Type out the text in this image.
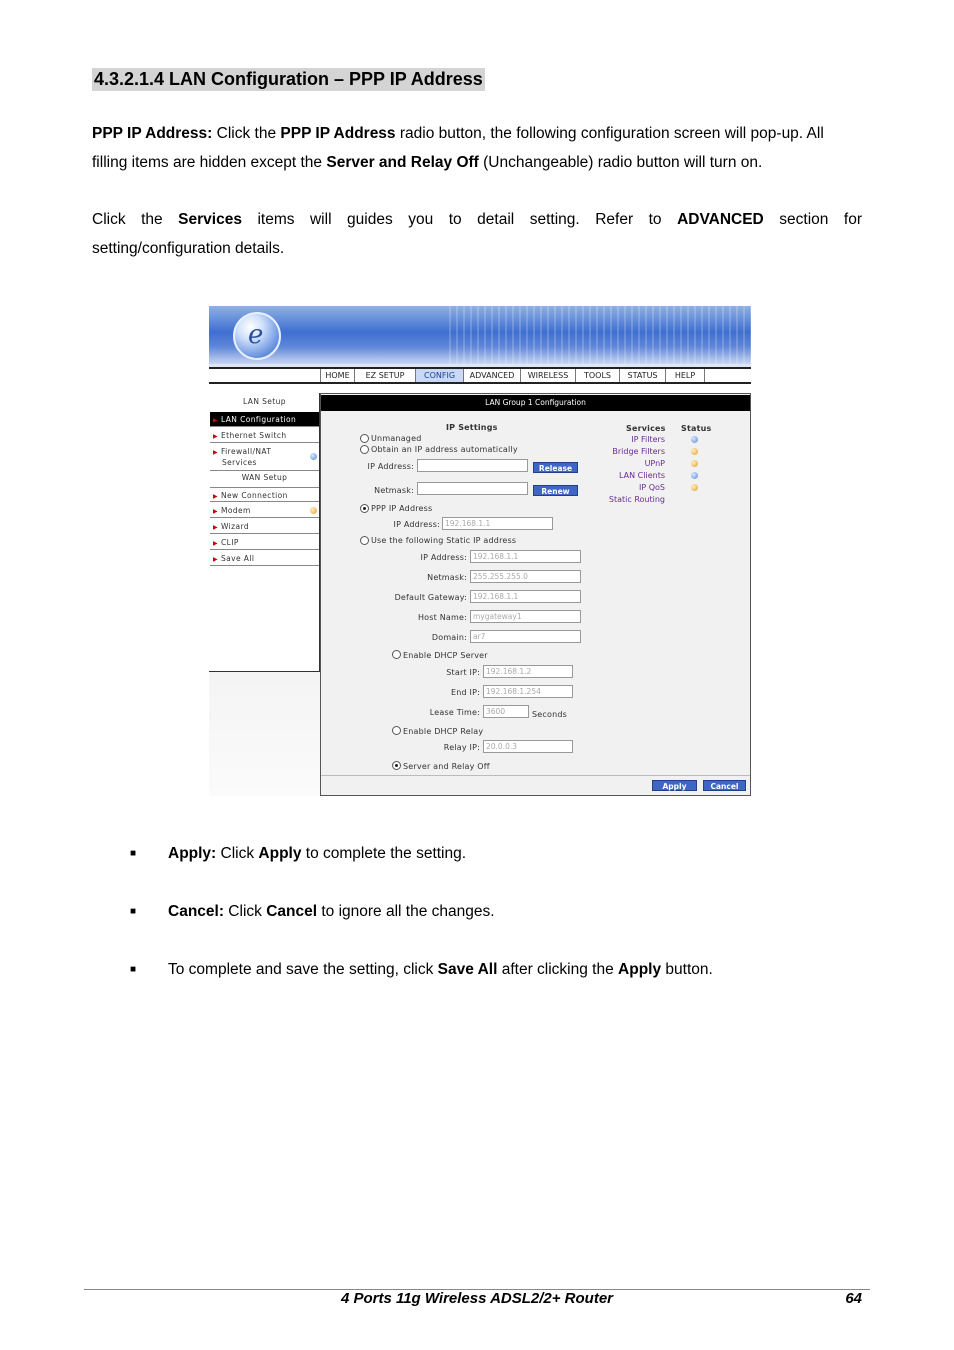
4.3.2.1.4 LAN Configuration – PPP IP Address
PPP IP Address: Click the PPP IP Address radio button, the following configuration screen will pop-up. All
filling items are hidden except the Server and Relay Off (Unchangeable) radio button will turn on.
Click the Services items will guides you to detail setting. Refer to ADVANCED section for
setting/configuration details.
e
HOME	EZ SETUP	CONFIG	ADVANCED	WIRELESS	TOOLS	STATUS	HELP
LAN Setup
▶ LAN Configuration
▶ Ethernet Switch
▶ Firewall/NAT
Services
WAN Setup
▶ New Connection
▶ Modem
▶ Wizard
▶ CLIP
▶ Save All
LAN Group 1 Configuration
IP Settings
Unmanaged
Obtain an IP address automatically
IP Address:	Release
Netmask:	Renew
PPP IP Address
IP Address: 192.168.1.1
Use the following Static IP address
IP Address: 192.168.1.1
Netmask: 255.255.255.0
Default Gateway: 192.168.1.1
Host Name: mygateway1
Domain: ar7
Enable DHCP Server
Start IP: 192.168.1.2
End IP: 192.168.1.254
Lease Time: 3600	Seconds
Enable DHCP Relay
Relay IP: 20.0.0.3
Server and Relay Off
Services Status
IP Filters
Bridge Filters
UPnP
LAN Clients
IP QoS
Static Routing
Apply	Cancel
■ Apply: Click Apply to complete the setting.
■ Cancel: Click Cancel to ignore all the changes.
■ To complete and save the setting, click Save All after clicking the Apply button.
4 Ports 11g Wireless ADSL2/2+ Router	64
